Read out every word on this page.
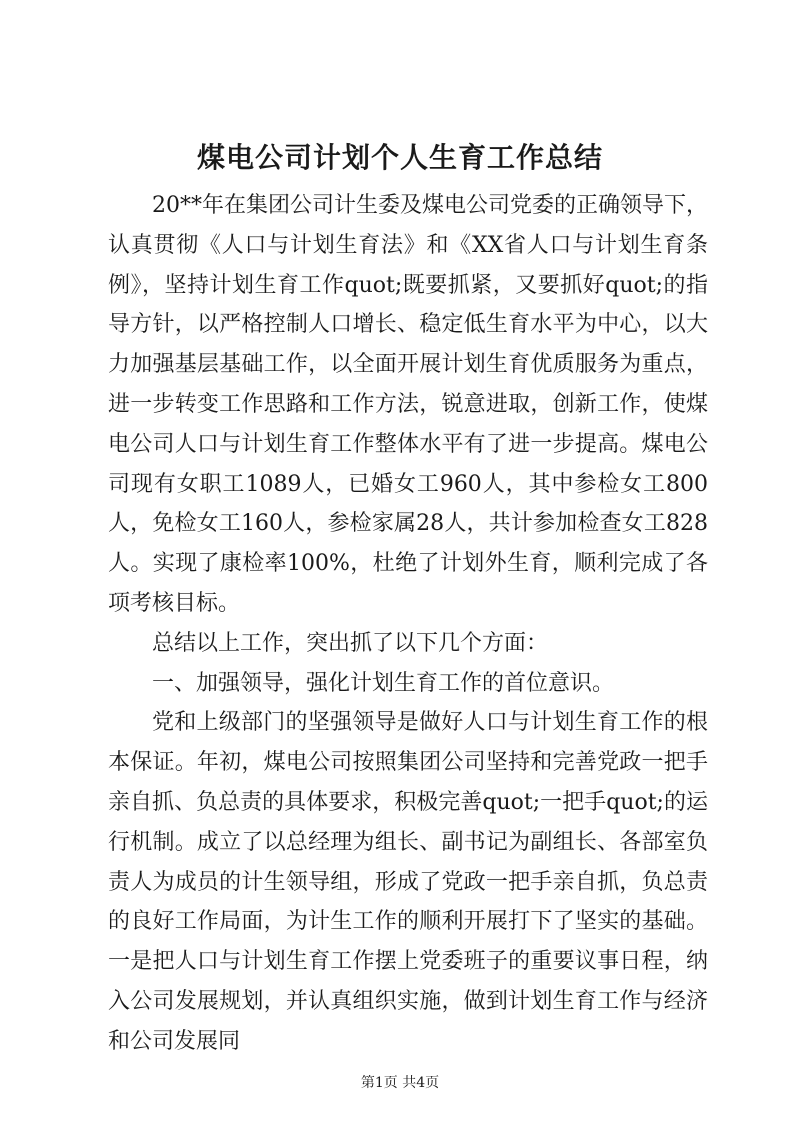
煤电公司计划个人生育工作总结

20**年在集团公司计生委及煤电公司党委的正确领导下，认真贯彻《人口与计划生育法》和《XX省人口与计划生育条例》，坚持计划生育工作quot;既要抓紧，又要抓好quot;的指导方针，以严格控制人口增长、稳定低生育水平为中心，以大力加强基层基础工作，以全面开展计划生育优质服务为重点，进一步转变工作思路和工作方法，锐意进取，创新工作，使煤电公司人口与计划生育工作整体水平有了进一步提高。煤电公司现有女职工1089人，已婚女工960人，其中参检女工800人，免检女工160人，参检家属28人，共计参加检查女工828人。实现了康检率100%，杜绝了计划外生育，顺利完成了各项考核目标。

总结以上工作，突出抓了以下几个方面：

一、加强领导，强化计划生育工作的首位意识。

党和上级部门的坚强领导是做好人口与计划生育工作的根本保证。年初，煤电公司按照集团公司坚持和完善党政一把手亲自抓、负总责的具体要求，积极完善quot;一把手quot;的运行机制。成立了以总经理为组长、副书记为副组长、各部室负责人为成员的计生领导组，形成了党政一把手亲自抓，负总责的良好工作局面，为计生工作的顺利开展打下了坚实的基础。一是把人口与计划生育工作摆上党委班子的重要议事日程，纳入公司发展规划，并认真组织实施，做到计划生育工作与经济和公司发展同

第1页 共4页
